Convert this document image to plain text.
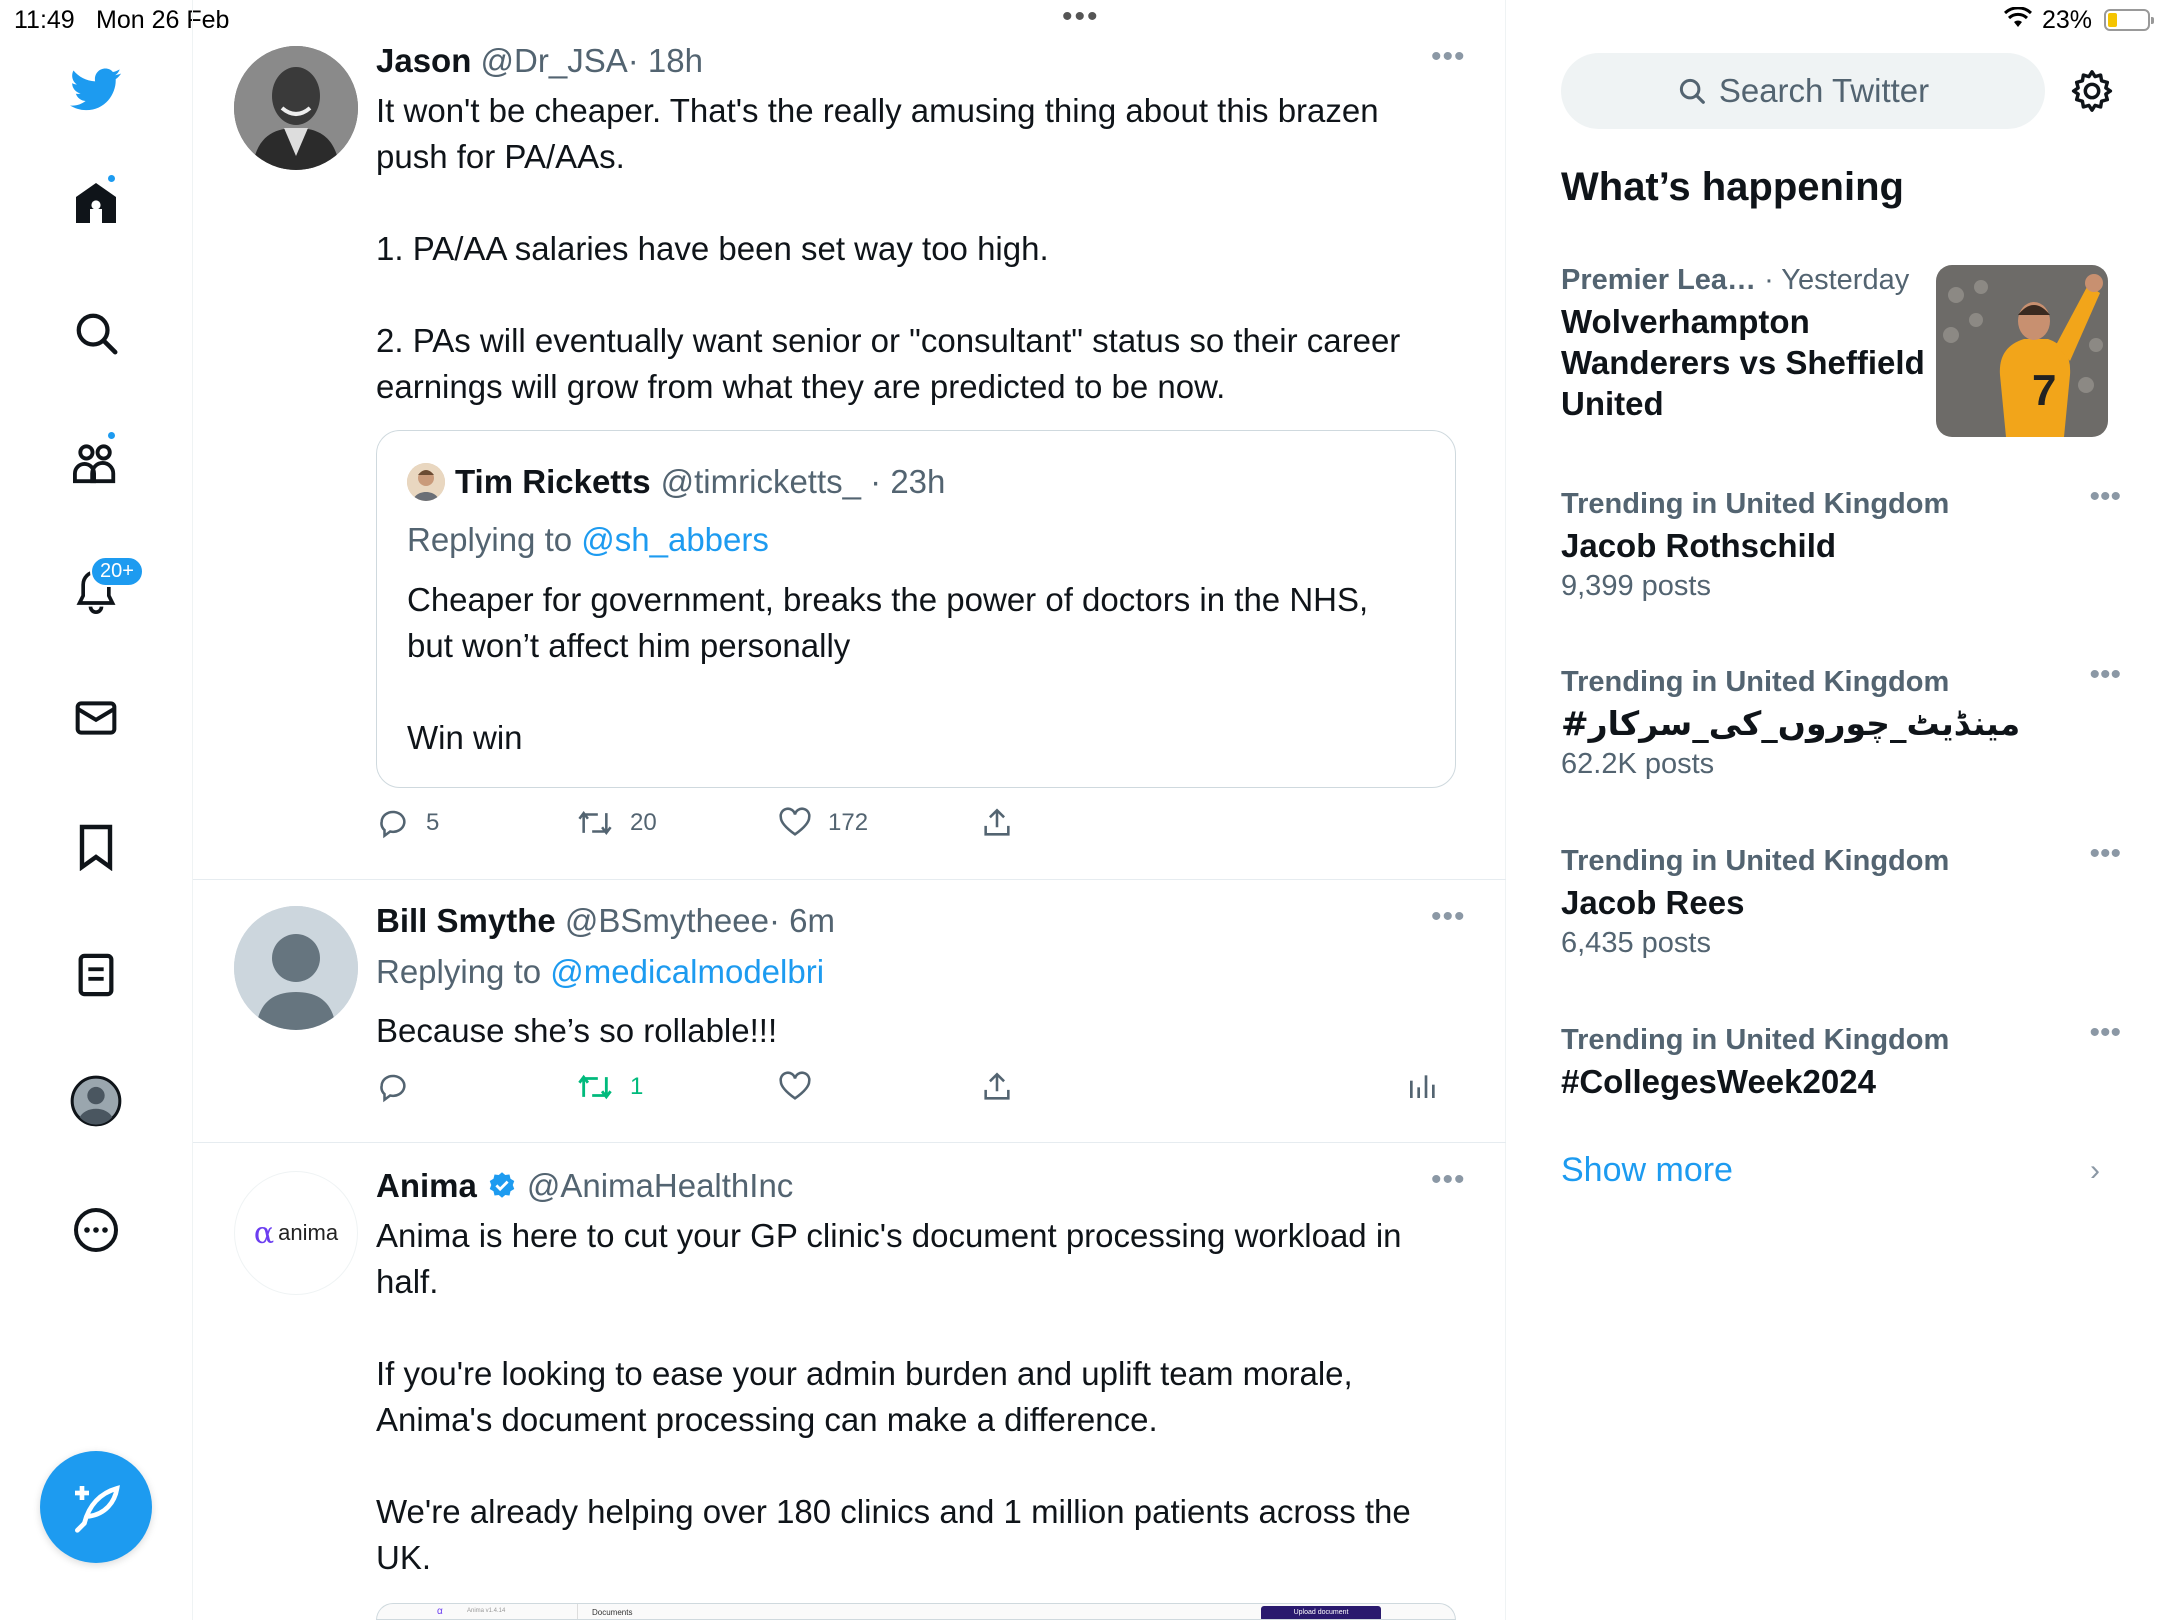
11:49 Mon 26 Feb	•••	23%
20+
Jason @Dr_JSA· 18h	•••
It won't be cheaper. That's the really amusing thing about this brazen push for PA/AAs.

1. PA/AA salaries have been set way too high.

2. PAs will eventually want senior or "consultant" status so their career earnings will grow from what they are predicted to be now.
Tim Ricketts @timricketts_ · 23h
Replying to @sh_abbers
Cheaper for government, breaks the power of doctors in the NHS, but won’t affect him personally

Win win
5	20	172
Bill Smythe @BSmytheee· 6m	•••
Replying to @medicalmodelbri
Because she’s so rollable!!!
1
α anima
Anima @AnimaHealthInc	•••
Anima is here to cut your GP clinic's document processing workload in half.

If you're looking to ease your admin burden and uplift team morale, Anima's document processing can make a difference.

We're already helping over 180 clinics and 1 million patients across the UK.
α	Anima v1.4.14	Documents	Upload document
Search Twitter
What’s happening
Premier Lea… · Yesterday
Wolverhampton Wanderers vs Sheffield United	7
Trending in United Kingdom
Jacob Rothschild
9,399 posts
•••
Trending in United Kingdom
#مینڈیٹ_چوروں_کی_سرکار
62.2K posts
•••
Trending in United Kingdom
Jacob Rees
6,435 posts
•••
Trending in United Kingdom
#CollegesWeek2024
•••
Show more	›
